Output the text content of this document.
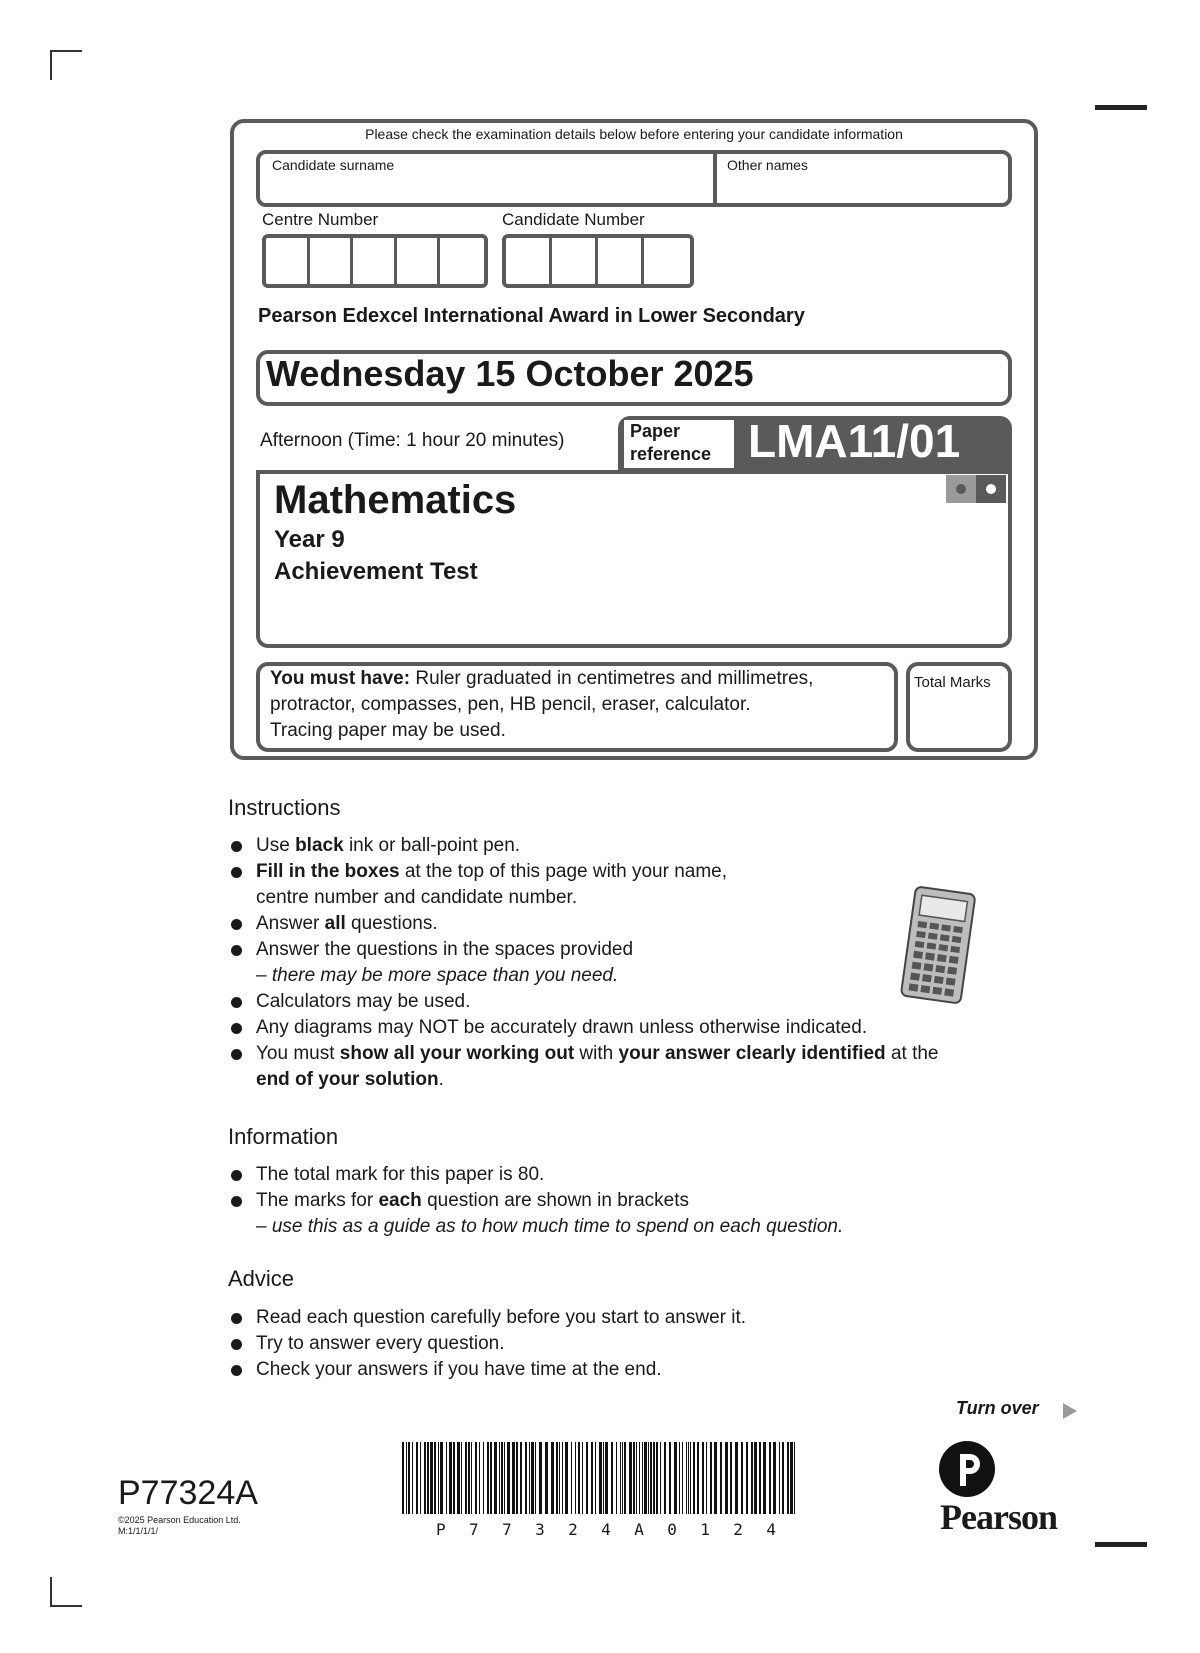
Please check the examination details below before entering your candidate information
Candidate surname	Other names
Centre Number	Candidate Number
Pearson Edexcel International Award in Lower Secondary
Wednesday 15 October 2025
Afternoon (Time: 1 hour 20 minutes)	Paper
reference LMA11/01
Mathematics
Year 9
Achievement Test
You must have: Ruler graduated in centimetres and millimetres, protractor, compasses, pen, HB pencil, eraser, calculator.
Tracing paper may be used.
Total Marks
Instructions
Use black ink or ball-point pen.
Fill in the boxes at the top of this page with your name,
centre number and candidate number.
Answer all questions.
Answer the questions in the spaces provided
– there may be more space than you need.
Calculators may be used.
Any diagrams may NOT be accurately drawn unless otherwise indicated.
You must show all your working out with your answer clearly identified at the
end of your solution.
Information
The total mark for this paper is 80.
The marks for each question are shown in brackets
– use this as a guide as to how much time to spend on each question.
Advice
Read each question carefully before you start to answer it.
Try to answer every question.
Check your answers if you have time at the end.
Turn over
P77324A
©2025 Pearson Education Ltd.
M:1/1/1/1/	P 7 7 3 2 4 A 0 1 2 4	Pearson
